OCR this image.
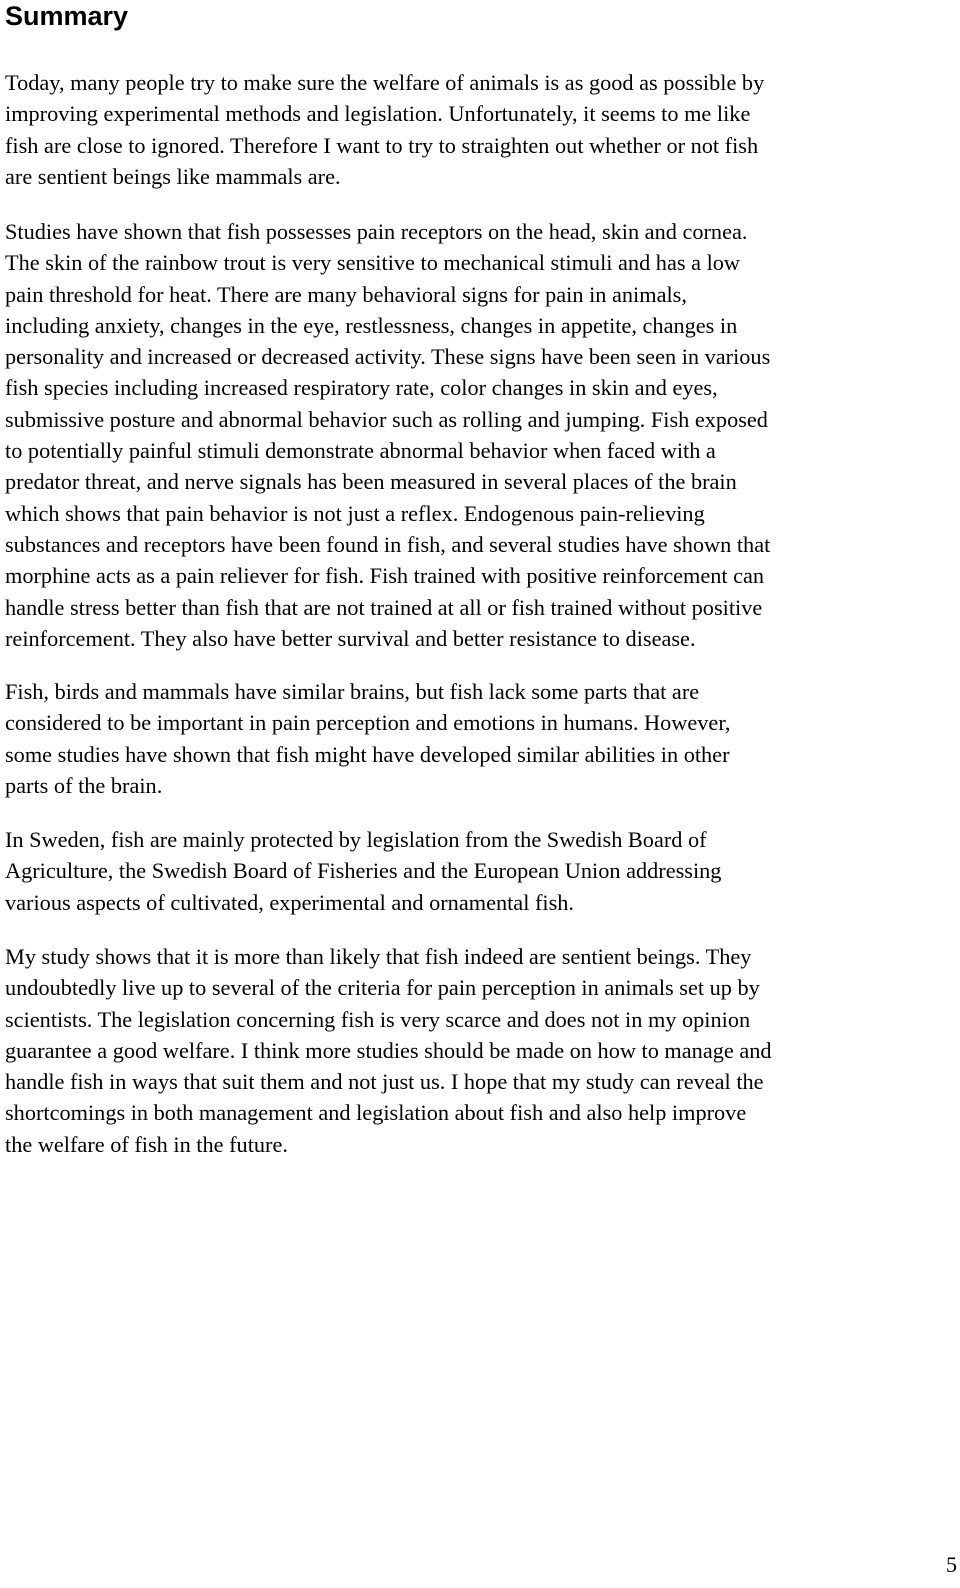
Summary

Today, many people try to make sure the welfare of animals is as good as possible by
improving experimental methods and legislation. Unfortunately, it seems to me like
fish are close to ignored. Therefore I want to try to straighten out whether or not fish
are sentient beings like mammals are.

Studies have shown that fish possesses pain receptors on the head, skin and cornea.
The skin of the rainbow trout is very sensitive to mechanical stimuli and has a low
pain threshold for heat. There are many behavioral signs for pain in animals,
including anxiety, changes in the eye, restlessness, changes in appetite, changes in
personality and increased or decreased activity. These signs have been seen in various
fish species including increased respiratory rate, color changes in skin and eyes,
submissive posture and abnormal behavior such as rolling and jumping. Fish exposed
to potentially painful stimuli demonstrate abnormal behavior when faced with a
predator threat, and nerve signals has been measured in several places of the brain
which shows that pain behavior is not just a reflex. Endogenous pain-relieving
substances and receptors have been found in fish, and several studies have shown that
morphine acts as a pain reliever for fish. Fish trained with positive reinforcement can
handle stress better than fish that are not trained at all or fish trained without positive
reinforcement. They also have better survival and better resistance to disease.

Fish, birds and mammals have similar brains, but fish lack some parts that are
considered to be important in pain perception and emotions in humans. However,
some studies have shown that fish might have developed similar abilities in other
parts of the brain.

In Sweden, fish are mainly protected by legislation from the Swedish Board of
Agriculture, the Swedish Board of Fisheries and the European Union addressing
various aspects of cultivated, experimental and ornamental fish.

My study shows that it is more than likely that fish indeed are sentient beings. They
undoubtedly live up to several of the criteria for pain perception in animals set up by
scientists. The legislation concerning fish is very scarce and does not in my opinion
guarantee a good welfare. I think more studies should be made on how to manage and
handle fish in ways that suit them and not just us. I hope that my study can reveal the
shortcomings in both management and legislation about fish and also help improve
the welfare of fish in the future.

5
